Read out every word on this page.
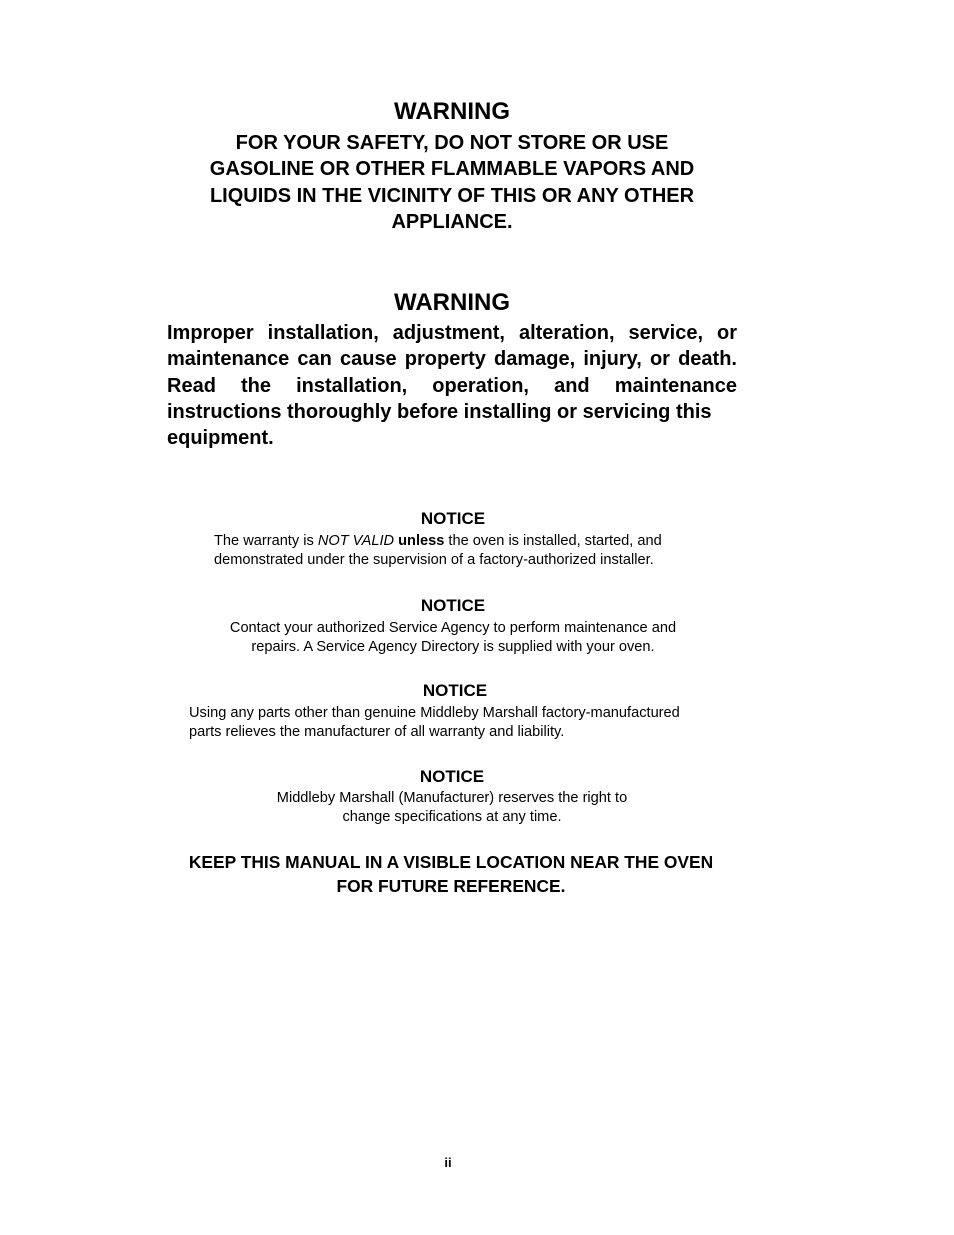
WARNING
FOR YOUR SAFETY, DO NOT STORE OR USE
GASOLINE OR OTHER FLAMMABLE VAPORS AND
LIQUIDS IN THE VICINITY OF THIS OR ANY OTHER
APPLIANCE.
WARNING
Improper installation, adjustment, alteration, service, or maintenance can cause property damage, injury, or death. Read the installation, operation, and maintenance instructions thoroughly before installing or servicing this
equipment.
NOTICE
The warranty is NOT VALID unless the oven is installed, started, and
demonstrated under the supervision of a factory-authorized installer.
NOTICE
Contact your authorized Service Agency to perform maintenance and
repairs. A Service Agency Directory is supplied with your oven.
NOTICE
Using any parts other than genuine Middleby Marshall factory-manufactured
parts relieves the manufacturer of all warranty and liability.
NOTICE
Middleby Marshall (Manufacturer) reserves the right to
change specifications at any time.
KEEP THIS MANUAL IN A VISIBLE LOCATION NEAR THE OVEN
FOR FUTURE REFERENCE.
ii
